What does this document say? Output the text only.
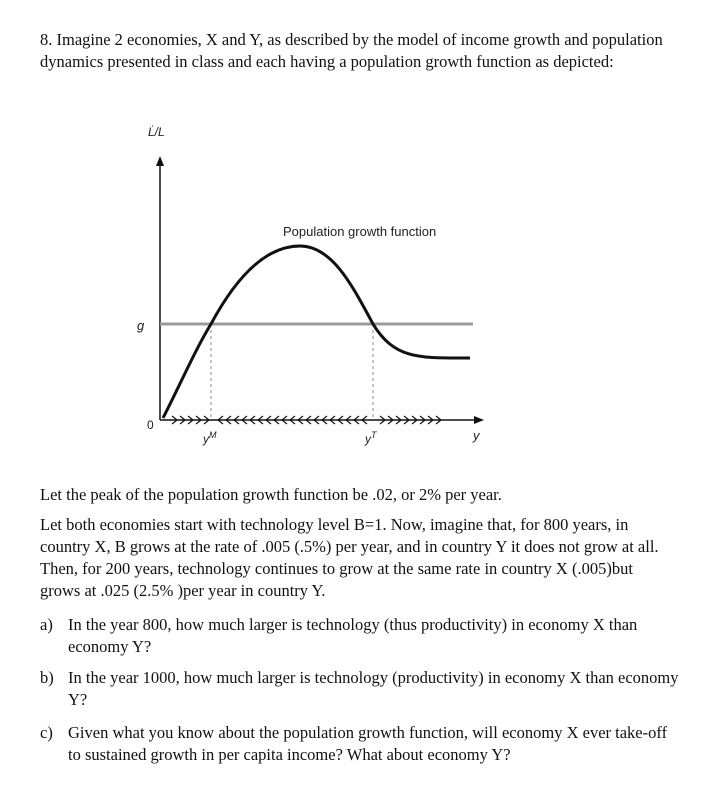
8. Imagine 2 economies, X and Y, as described by the model of income growth and population dynamics presented in class and each having a population growth function as depicted:
L̇/L
Population growth function
g
0
$y^M$	$y^T$	y
Let the peak of the population growth function be .02, or 2% per year.
Let both economies start with technology level B=1. Now, imagine that, for 800 years, in country X, B grows at the rate of .005 (.5%) per year, and in country Y it does not grow at all. Then, for 200 years, technology continues to grow at the same rate in country X (.005)but grows at .025 (2.5% )per year in country Y.
a) In the year 800, how much larger is technology (thus productivity) in economy X than economy Y?
b) In the year 1000, how much larger is technology (productivity) in economy X than economy Y?
c) Given what you know about the population growth function, will economy X ever take-off to sustained growth in per capita income? What about economy Y?
